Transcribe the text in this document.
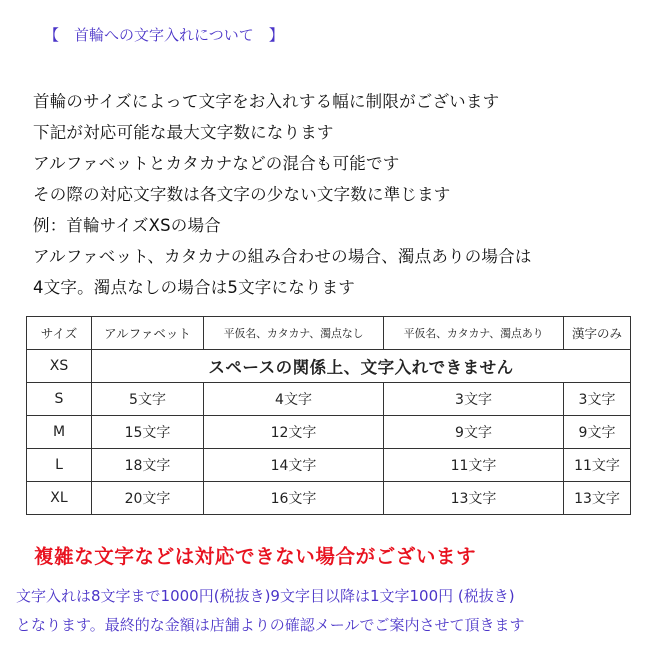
【　首輪への文字入れについて　】
首輪のサイズによって文字をお入れする幅に制限がございます
下記が対応可能な最大文字数になります
アルファベットとカタカナなどの混合も可能です
その際の対応文字数は各文字の少ない文字数に準じます
例：首輪サイズXSの場合
アルファベット、カタカナの組み合わせの場合、濁点ありの場合は
4文字。濁点なしの場合は5文字になります
サイズ	アルファベット	平仮名、カタカナ、濁点なし	平仮名、カタカナ、濁点あり	漢字のみ
XS	スペースの関係上、文字入れできません			
S	5文字	4文字	3文字	3文字
M	15文字	12文字	9文字	9文字
L	18文字	14文字	11文字	11文字
XL	20文字	16文字	13文字	13文字
複雑な文字などは対応できない場合がございます
文字入れは8文字まで1000円(税抜き)9文字目以降は1文字100円 (税抜き)
となります。最終的な金額は店舗よりの確認メールでご案内させて頂きます
